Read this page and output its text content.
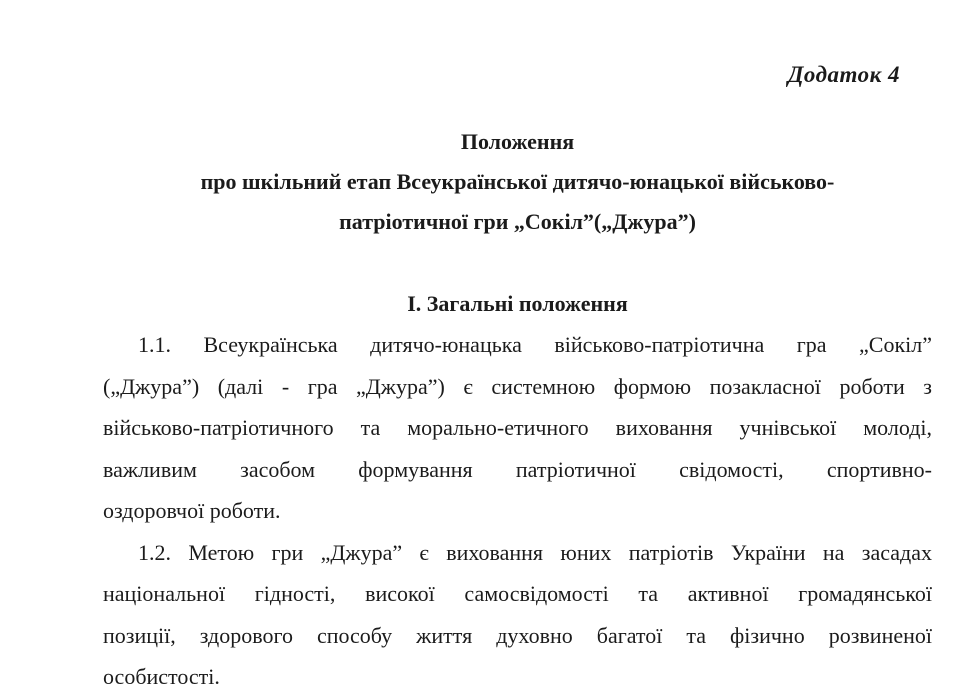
Додаток 4
Положення
про шкільний етап Всеукраїнської дитячо-юнацької військово-
патріотичної гри „Сокіл”(„Джура”)
І. Загальні положення
1.1. Всеукраїнська дитячо-юнацька військово-патріотична гра „Сокіл”
(„Джура”) (далі - гра „Джура”) є системною формою позакласної роботи з
військово-патріотичного та морально-етичного виховання учнівської молоді,
важливим засобом формування патріотичної свідомості, спортивно-
оздоровчої роботи.
1.2. Метою гри „Джура” є виховання юних патріотів України на засадах
національної гідності, високої самосвідомості та активної громадянської
позиції, здорового способу життя духовно багатої та фізично розвиненої
особистості.
